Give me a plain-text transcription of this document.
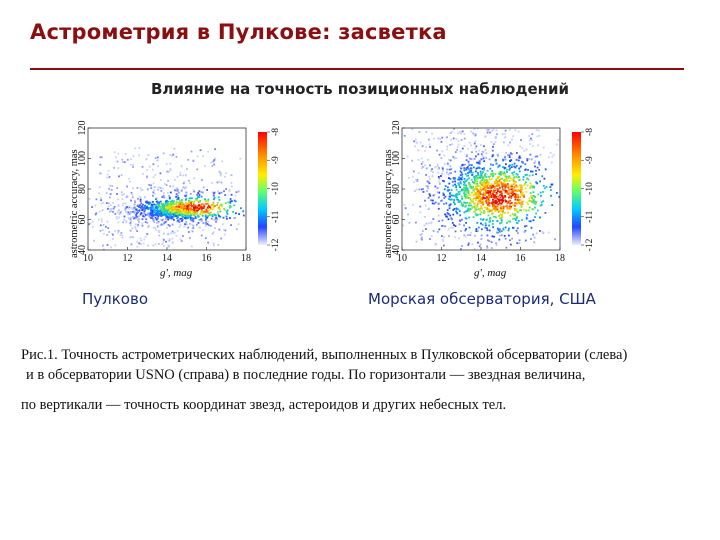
Астрометрия в Пулкове: засветка
Влияние на точность позиционных наблюдений
10	12	14	16	18
40
60
80
100
120
g', mag
astrometric accuracy, mas
-8
-9
-10
-11
-12
10	12	14	16	18
40
60
80
100
120
g', mag
astrometric accuracy, mas
-8
-9
-10
-11
-12
Пулково	Морская обсерватория, США
Рис.1. Точность астрометрических наблюдений, выполненных в Пулковской обсерватории (слева)
и в обсерватории USNO (справа) в последние годы. По горизонтали — звездная величина,
по вертикали — точность координат звезд, астероидов и других небесных тел.
